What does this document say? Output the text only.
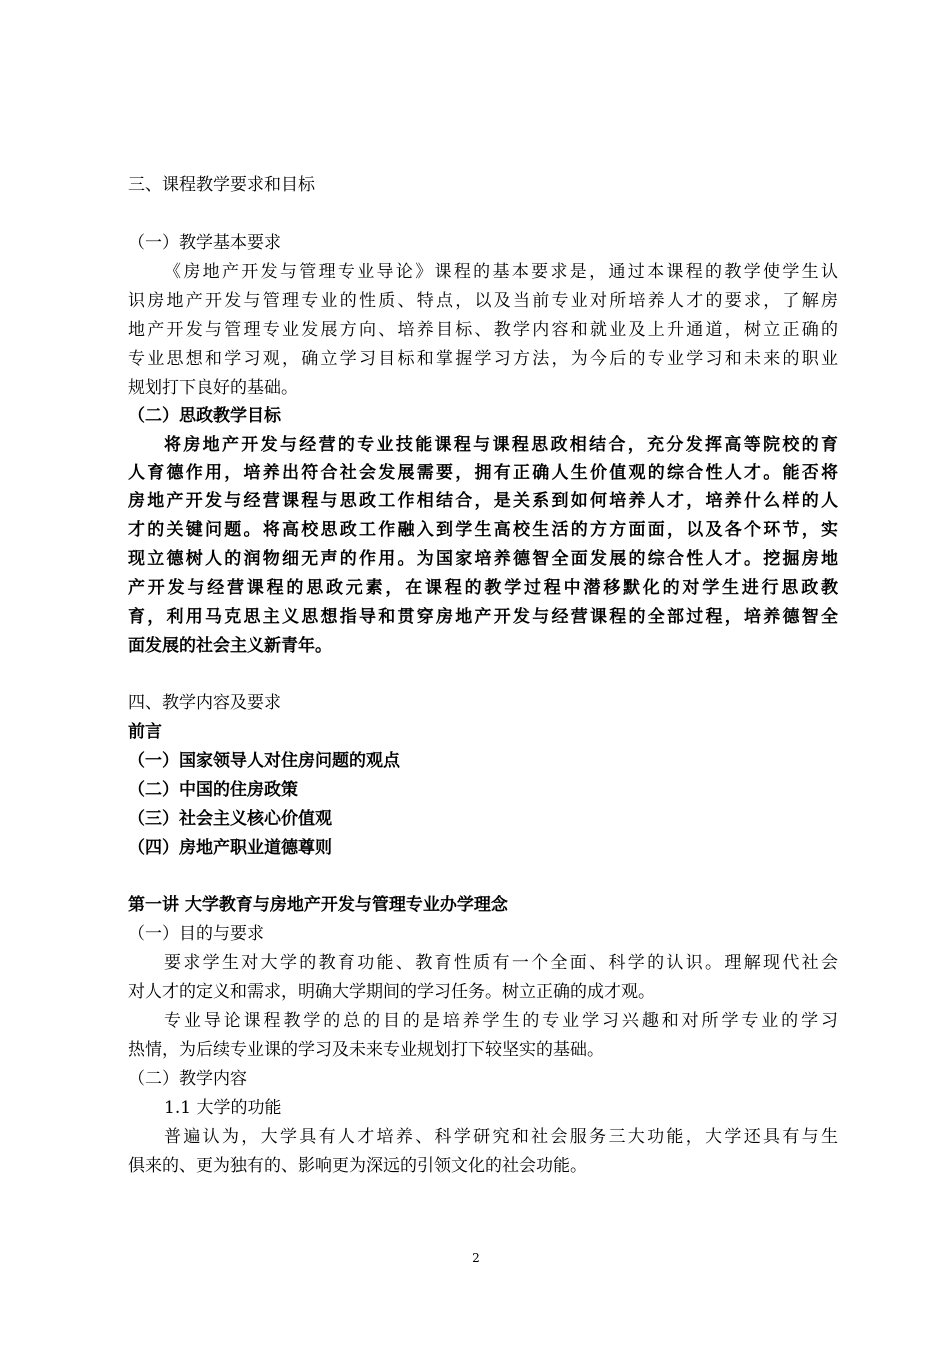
三、课程教学要求和目标
（一）教学基本要求
《房地产开发与管理专业导论》课程的基本要求是，通过本课程的教学使学生认
识房地产开发与管理专业的性质、特点，以及当前专业对所培养人才的要求，了解房
地产开发与管理专业发展方向、培养目标、教学内容和就业及上升通道，树立正确的
专业思想和学习观，确立学习目标和掌握学习方法，为今后的专业学习和未来的职业
规划打下良好的基础。
（二）思政教学目标
将房地产开发与经营的专业技能课程与课程思政相结合，充分发挥高等院校的育
人育德作用，培养出符合社会发展需要，拥有正确人生价值观的综合性人才。能否将
房地产开发与经营课程与思政工作相结合，是关系到如何培养人才，培养什么样的人
才的关键问题。将高校思政工作融入到学生高校生活的方方面面，以及各个环节，实
现立德树人的润物细无声的作用。为国家培养德智全面发展的综合性人才。挖掘房地
产开发与经营课程的思政元素，在课程的教学过程中潜移默化的对学生进行思政教
育，利用马克思主义思想指导和贯穿房地产开发与经营课程的全部过程，培养德智全
面发展的社会主义新青年。
四、教学内容及要求
前言
（一）国家领导人对住房问题的观点
（二）中国的住房政策
（三）社会主义核心价值观
（四）房地产职业道德尊则
第一讲 大学教育与房地产开发与管理专业办学理念
（一）目的与要求
要求学生对大学的教育功能、教育性质有一个全面、科学的认识。理解现代社会
对人才的定义和需求，明确大学期间的学习任务。树立正确的成才观。
专业导论课程教学的总的目的是培养学生的专业学习兴趣和对所学专业的学习
热情，为后续专业课的学习及未来专业规划打下较坚实的基础。
（二）教学内容
1.1 大学的功能
普遍认为，大学具有人才培养、科学研究和社会服务三大功能，大学还具有与生
俱来的、更为独有的、影响更为深远的引领文化的社会功能。
2
